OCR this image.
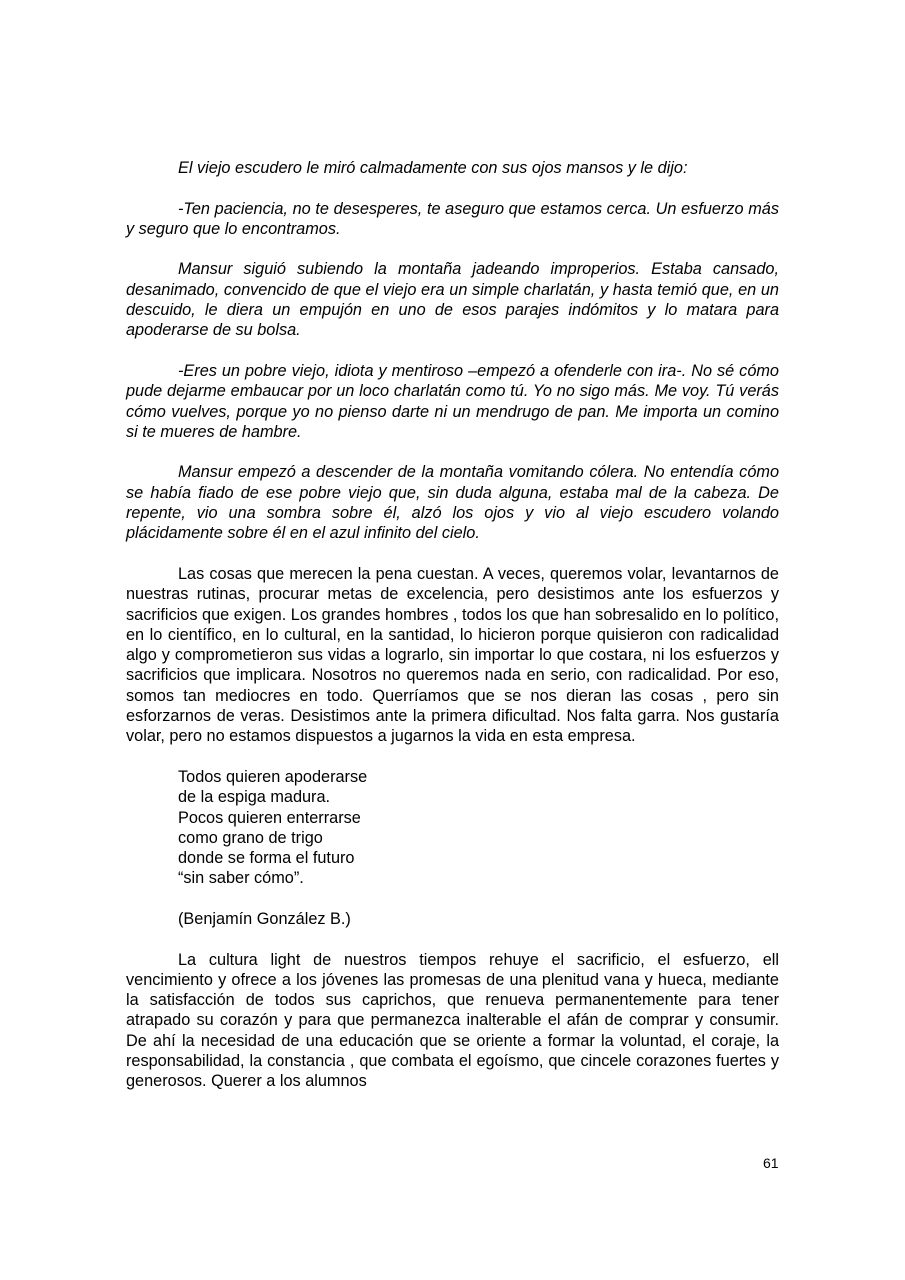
El viejo escudero le miró calmadamente con sus ojos mansos y le dijo:

-Ten paciencia, no te desesperes, te aseguro que estamos cerca. Un esfuerzo más y seguro que lo encontramos.

Mansur siguió subiendo la montaña jadeando improperios. Estaba cansado, desanimado, convencido de que el viejo era un simple charlatán, y hasta temió que, en un descuido, le diera un empujón en uno de esos parajes indómitos y lo matara para apoderarse de su bolsa.

-Eres un pobre viejo, idiota y mentiroso –empezó a ofenderle con ira-. No sé cómo pude dejarme embaucar por un loco charlatán como tú. Yo no sigo más. Me voy. Tú verás cómo vuelves, porque yo no pienso darte ni un mendrugo de pan. Me importa un comino si te mueres de hambre.

Mansur empezó a descender de la montaña vomitando cólera. No entendía cómo se había fiado de ese pobre viejo que, sin duda alguna, estaba mal de la cabeza. De repente, vio una sombra sobre él, alzó los ojos y vio al viejo escudero volando plácidamente sobre él en el azul infinito del cielo.

Las cosas que merecen la pena cuestan. A veces, queremos volar, levantarnos de nuestras rutinas, procurar metas de excelencia, pero desistimos ante los esfuerzos y sacrificios que exigen. Los grandes hombres , todos los que han sobresalido en lo político, en lo científico, en lo cultural, en la santidad, lo hicieron porque quisieron con radicalidad algo y comprometieron sus vidas a lograrlo, sin importar lo que costara, ni los esfuerzos y sacrificios que implicara. Nosotros no queremos nada en serio, con radicalidad. Por eso, somos tan mediocres en todo. Querríamos que se nos dieran las cosas , pero sin esforzarnos de veras. Desistimos ante la primera dificultad. Nos falta garra. Nos gustaría volar, pero no estamos dispuestos a jugarnos la vida en esta empresa.

Todos quieren apoderarse
de la espiga madura.
Pocos quieren enterrarse
como grano de trigo
donde se forma el futuro
“sin saber cómo”.

(Benjamín González B.)

La cultura light de nuestros tiempos rehuye el sacrificio, el esfuerzo, ell vencimiento y ofrece a los jóvenes las promesas de una plenitud vana y hueca, mediante la satisfacción de todos sus caprichos, que renueva permanentemente para tener atrapado su corazón y para que permanezca inalterable el afán de comprar y consumir. De ahí la necesidad de una educación que se oriente a formar la voluntad, el coraje, la responsabilidad, la constancia , que combata el egoísmo, que cincele corazones fuertes y generosos. Querer a los alumnos

61
